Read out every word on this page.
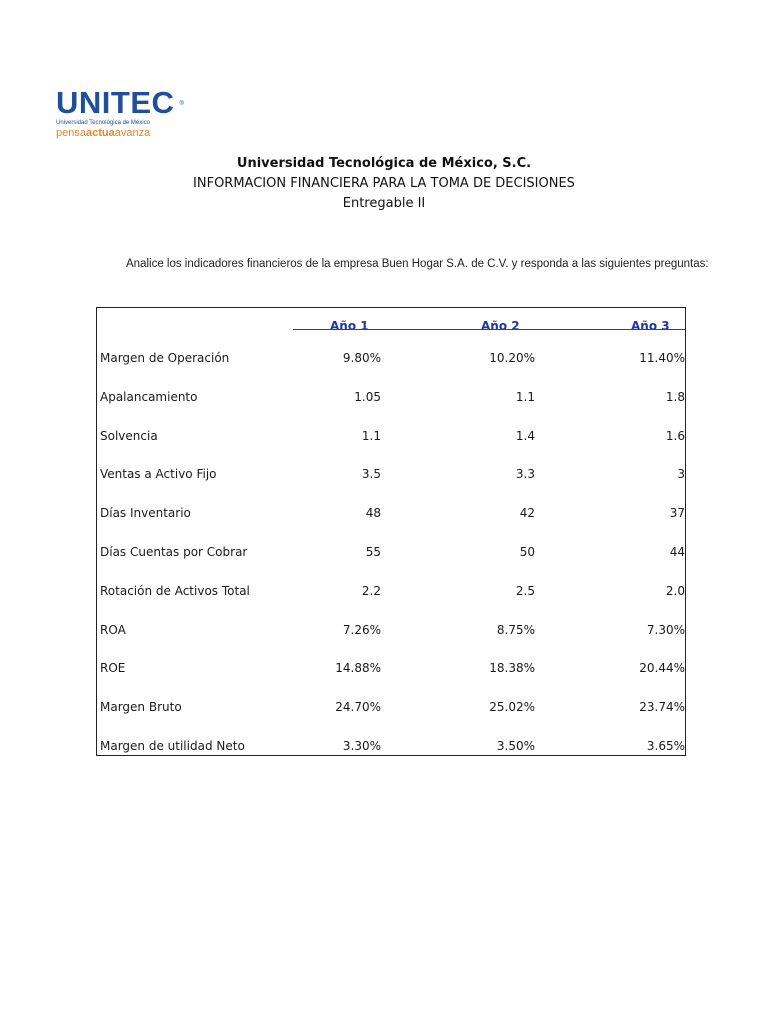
UNITEC ®
Universidad Tecnológica de México
pensaactuaavanza
Universidad Tecnológica de México, S.C.
INFORMACION FINANCIERA PARA LA TOMA DE DECISIONES
Entregable II
Analice los indicadores financieros de la empresa Buen Hogar S.A. de C.V. y responda a las siguientes preguntas:
Año 1	Año 2	Año 3
Margen de Operación	9.80%	10.20%	11.40%
Apalancamiento	1.05	1.1	1.8
Solvencia	1.1	1.4	1.6
Ventas a Activo Fijo	3.5	3.3	3
Días Inventario	48	42	37
Días Cuentas por Cobrar	55	50	44
Rotación de Activos Total	2.2	2.5	2.0
ROA	7.26%	8.75%	7.30%
ROE	14.88%	18.38%	20.44%
Margen Bruto	24.70%	25.02%	23.74%
Margen de utilidad Neto	3.30%	3.50%	3.65%
